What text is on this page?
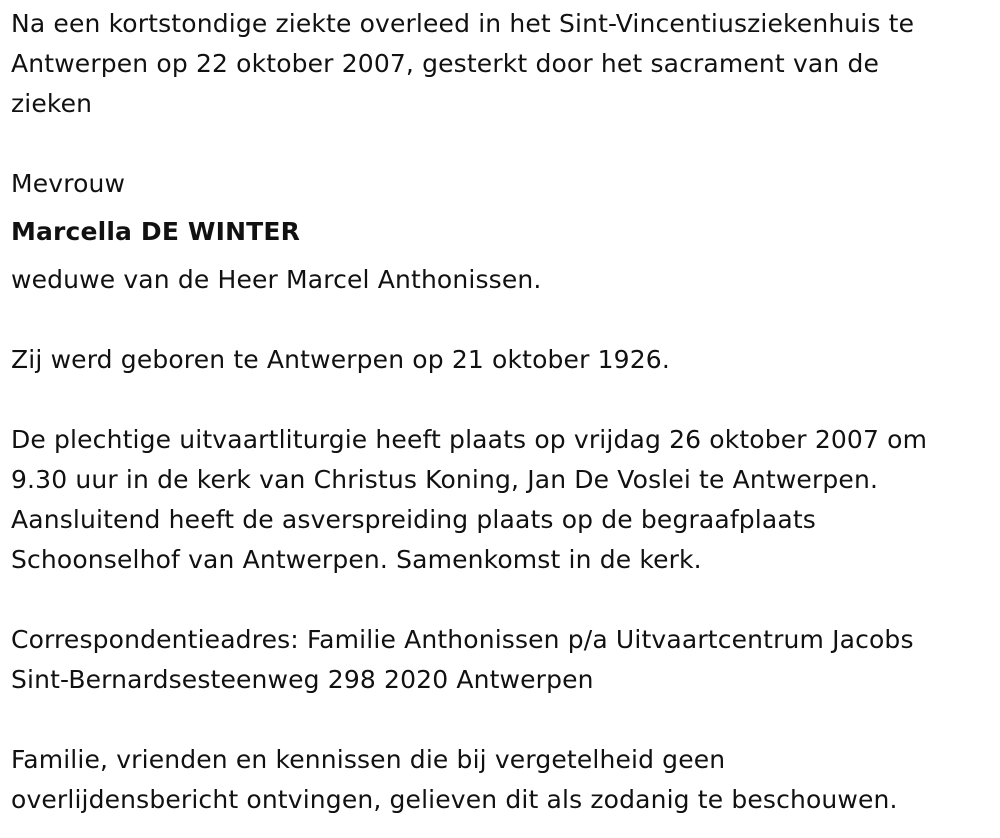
Na een kortstondige ziekte overleed in het Sint-Vincentiusziekenhuis te

Antwerpen op 22 oktober 2007, gesterkt door het sacrament van de

zieken

Mevrouw

Marcella DE WINTER

weduwe van de Heer Marcel Anthonissen.

Zij werd geboren te Antwerpen op 21 oktober 1926.

De plechtige uitvaartliturgie heeft plaats op vrijdag 26 oktober 2007 om

9.30 uur in de kerk van Christus Koning, Jan De Voslei te Antwerpen.

Aansluitend heeft de asverspreiding plaats op de begraafplaats

Schoonselhof van Antwerpen. Samenkomst in de kerk.

Correspondentieadres: Familie Anthonissen p/a Uitvaartcentrum Jacobs

Sint-Bernardsesteenweg 298 2020 Antwerpen

Familie, vrienden en kennissen die bij vergetelheid geen

overlijdensbericht ontvingen, gelieven dit als zodanig te beschouwen.
